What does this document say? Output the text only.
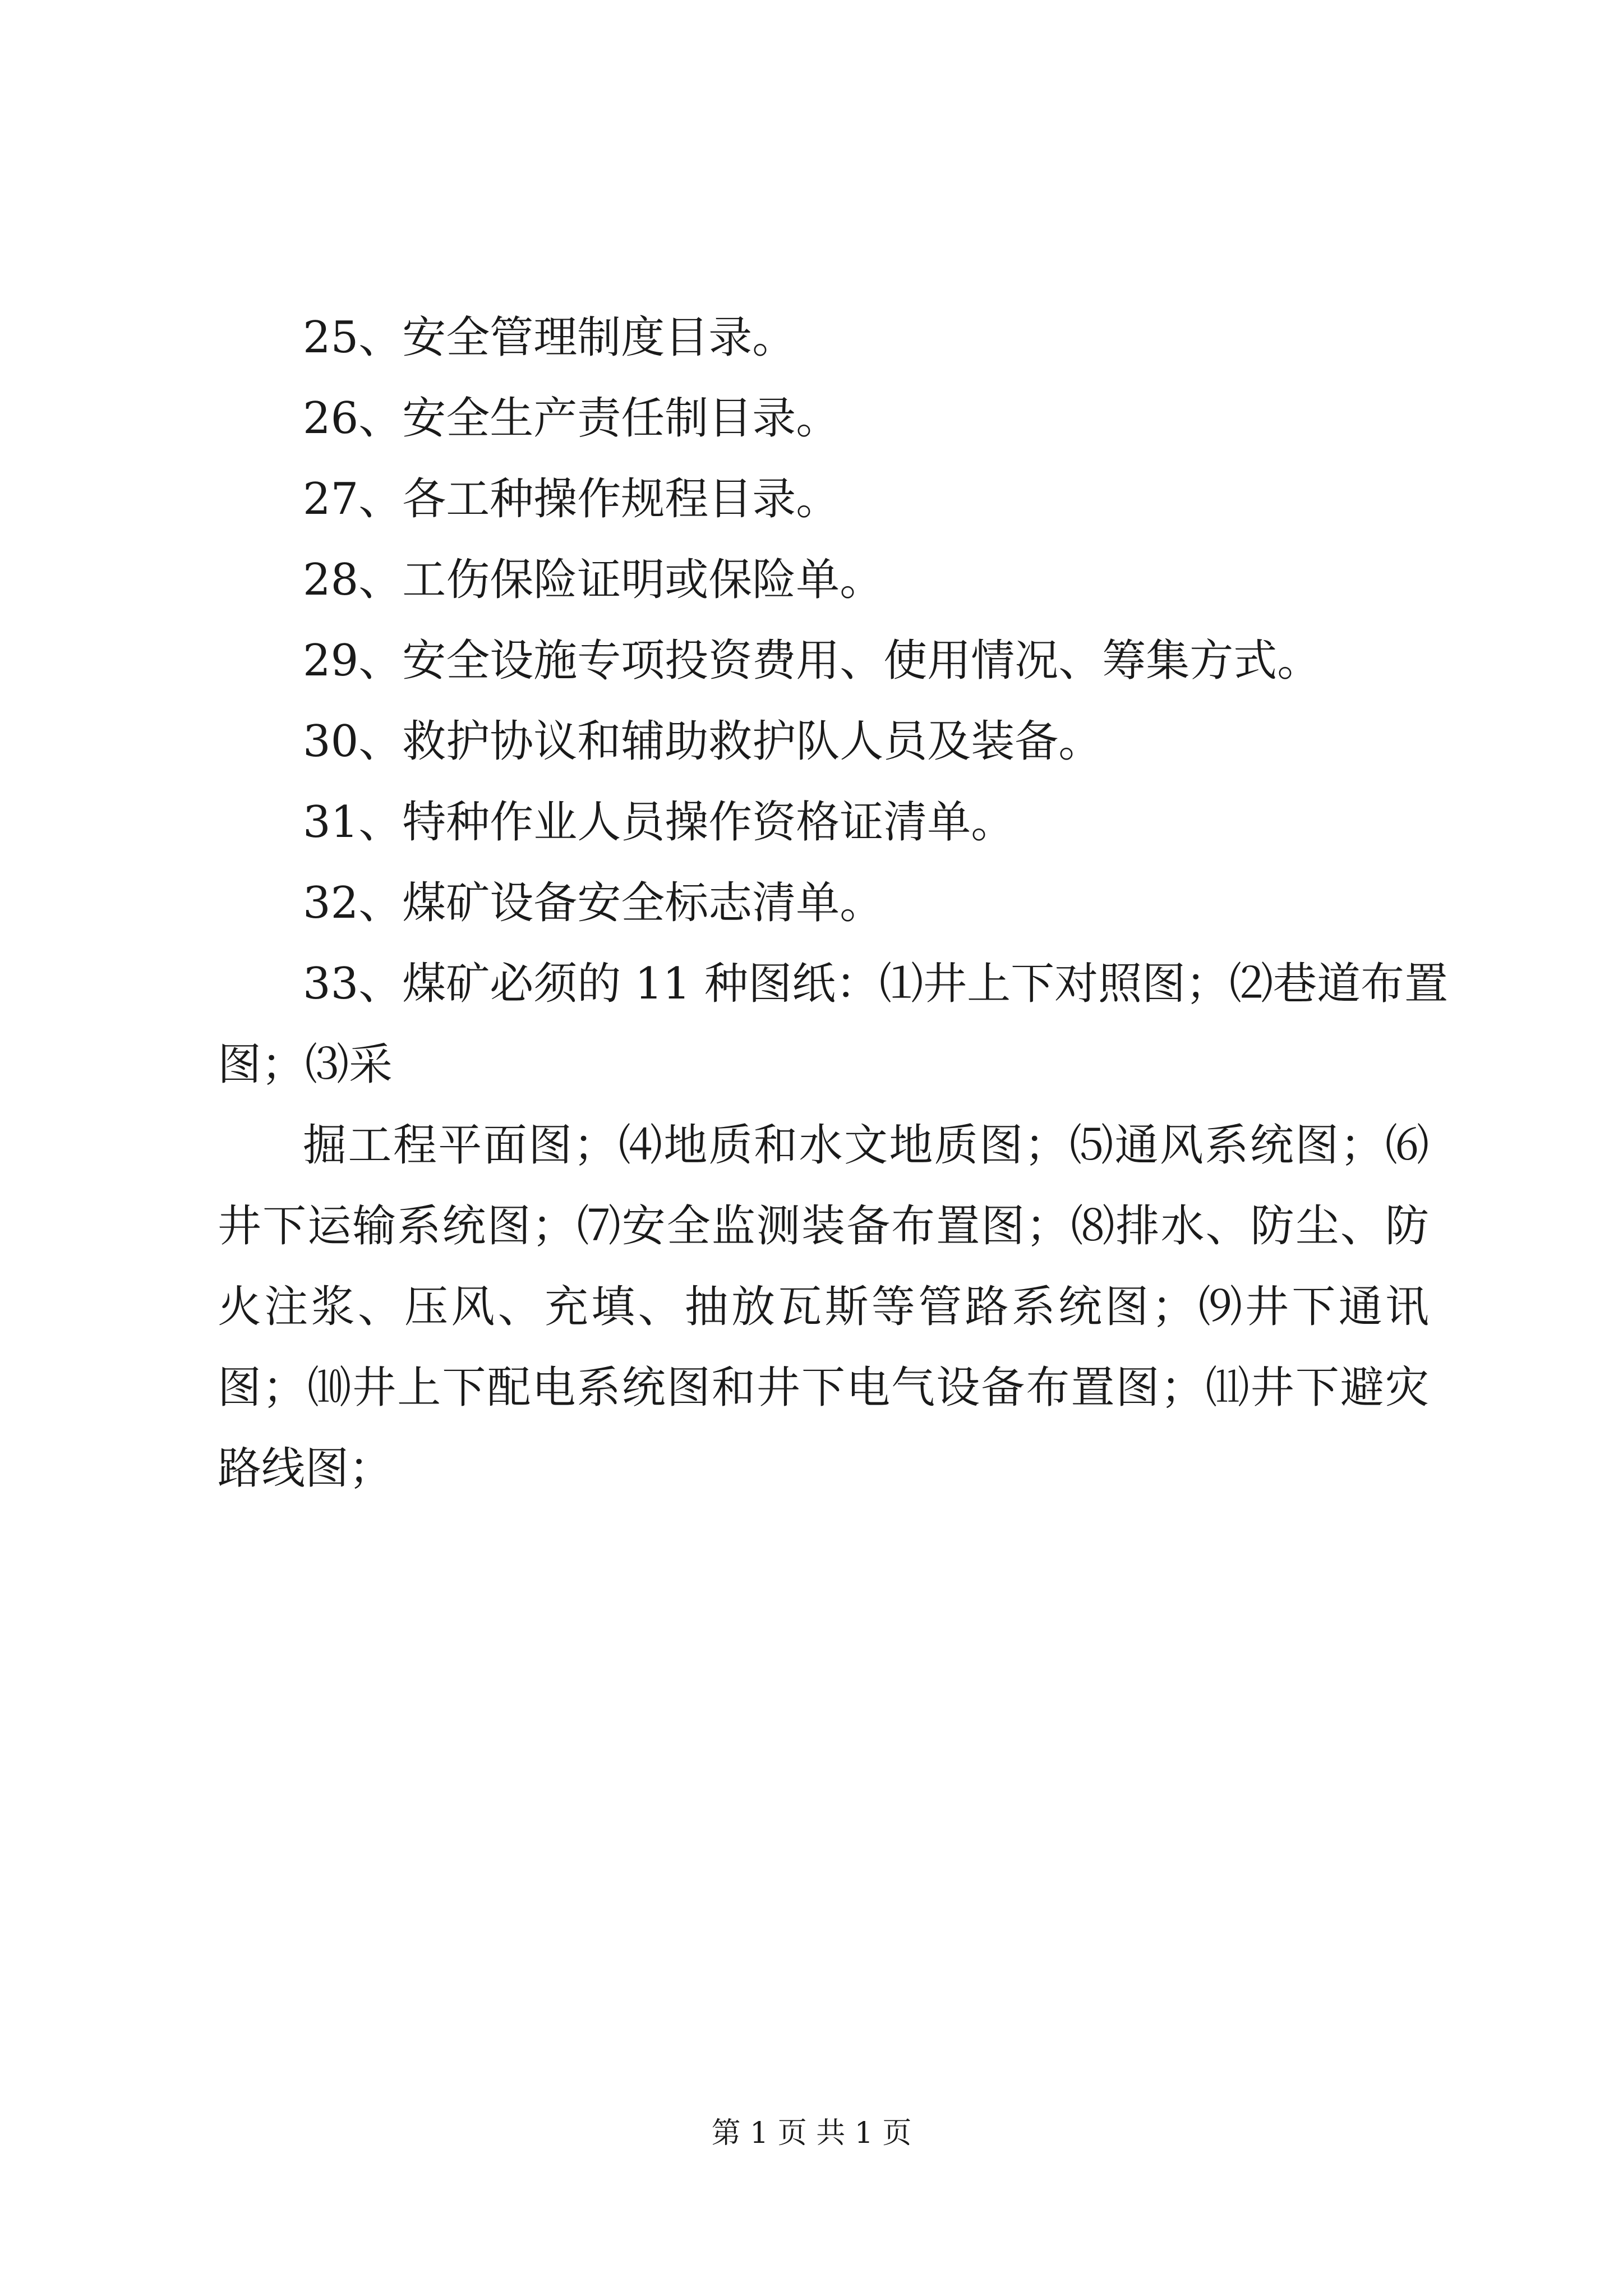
25、安全管理制度目录。

26、安全生产责任制目录。

27、各工种操作规程目录。

28、工伤保险证明或保险单。

29、安全设施专项投资费用、使用情况、筹集方式。

30、救护协议和辅助救护队人员及装备。

31、特种作业人员操作资格证清单。

32、煤矿设备安全标志清单。

33、煤矿必须的 11 种图纸：⑴井上下对照图；⑵巷道布置

图；⑶采

掘工程平面图；⑷地质和水文地质图；⑸通风系统图；⑹井下运输系统图；⑺安全监测装备布置图；⑻排水、防尘、防火注浆、压风、充填、抽放瓦斯等管路系统图；⑼井下通讯图；⑽井上下配电系统图和井下电气设备布置图；⑾井下避灾路线图；

第 1 页 共 1 页
